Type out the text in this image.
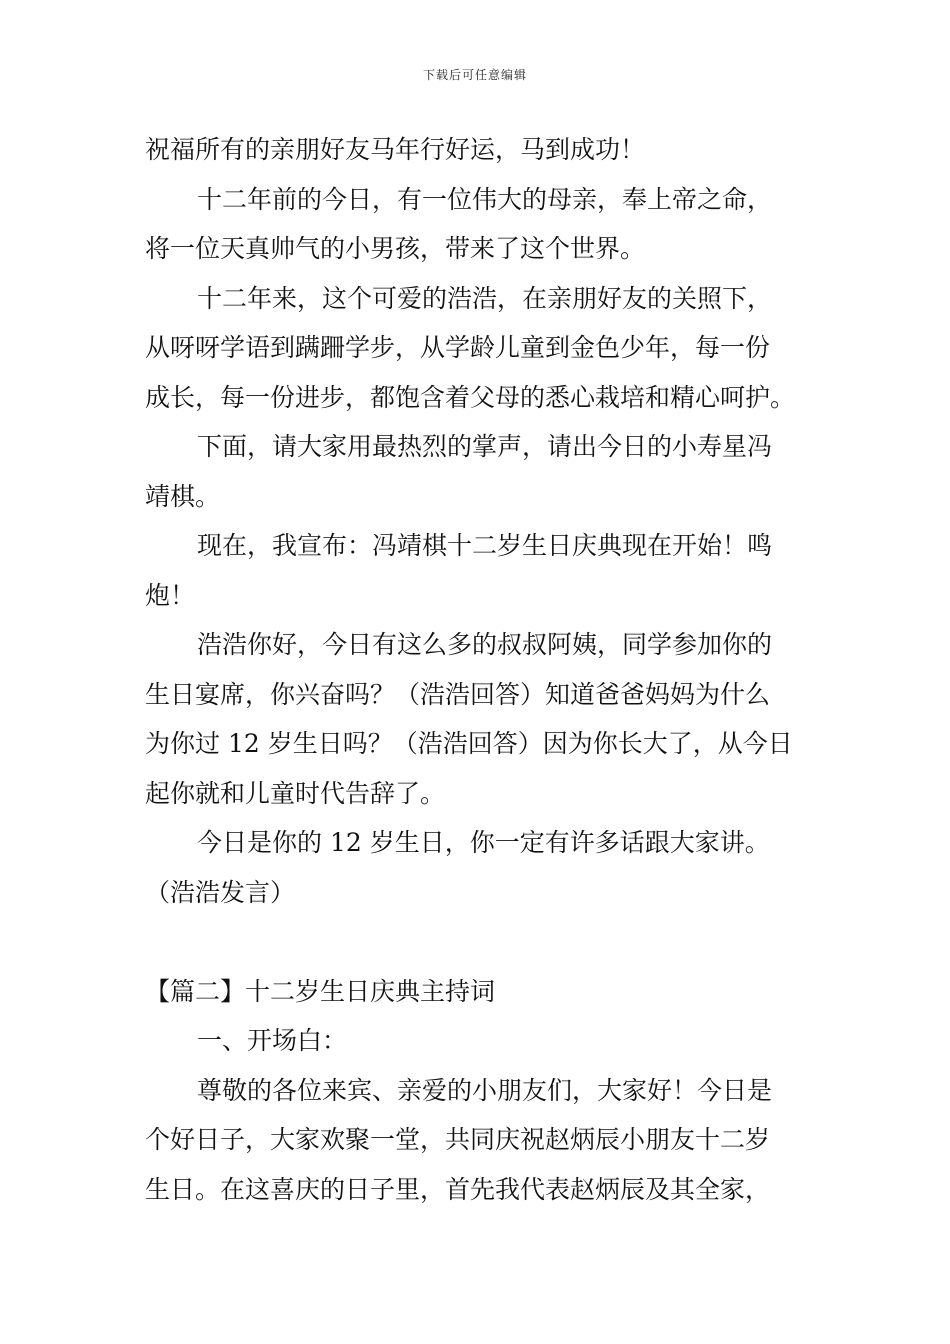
下载后可任意编辑
祝福所有的亲朋好友马年行好运，马到成功！
十二年前的今日，有一位伟大的母亲，奉上帝之命，
将一位天真帅气的小男孩，带来了这个世界。
十二年来，这个可爱的浩浩，在亲朋好友的关照下，
从呀呀学语到蹒跚学步，从学龄儿童到金色少年，每一份
成长，每一份进步，都饱含着父母的悉心栽培和精心呵护。
下面，请大家用最热烈的掌声，请出今日的小寿星冯
靖棋。
现在，我宣布：冯靖棋十二岁生日庆典现在开始！鸣
炮！
浩浩你好，今日有这么多的叔叔阿姨，同学参加你的
生日宴席，你兴奋吗？（浩浩回答）知道爸爸妈妈为什么
为你过 12 岁生日吗？（浩浩回答）因为你长大了，从今日
起你就和儿童时代告辞了。
今日是你的 12 岁生日，你一定有许多话跟大家讲。
（浩浩发言）
【篇二】十二岁生日庆典主持词
一、开场白：
尊敬的各位来宾、亲爱的小朋友们，大家好！今日是
个好日子，大家欢聚一堂，共同庆祝赵炳辰小朋友十二岁
生日。在这喜庆的日子里，首先我代表赵炳辰及其全家，
